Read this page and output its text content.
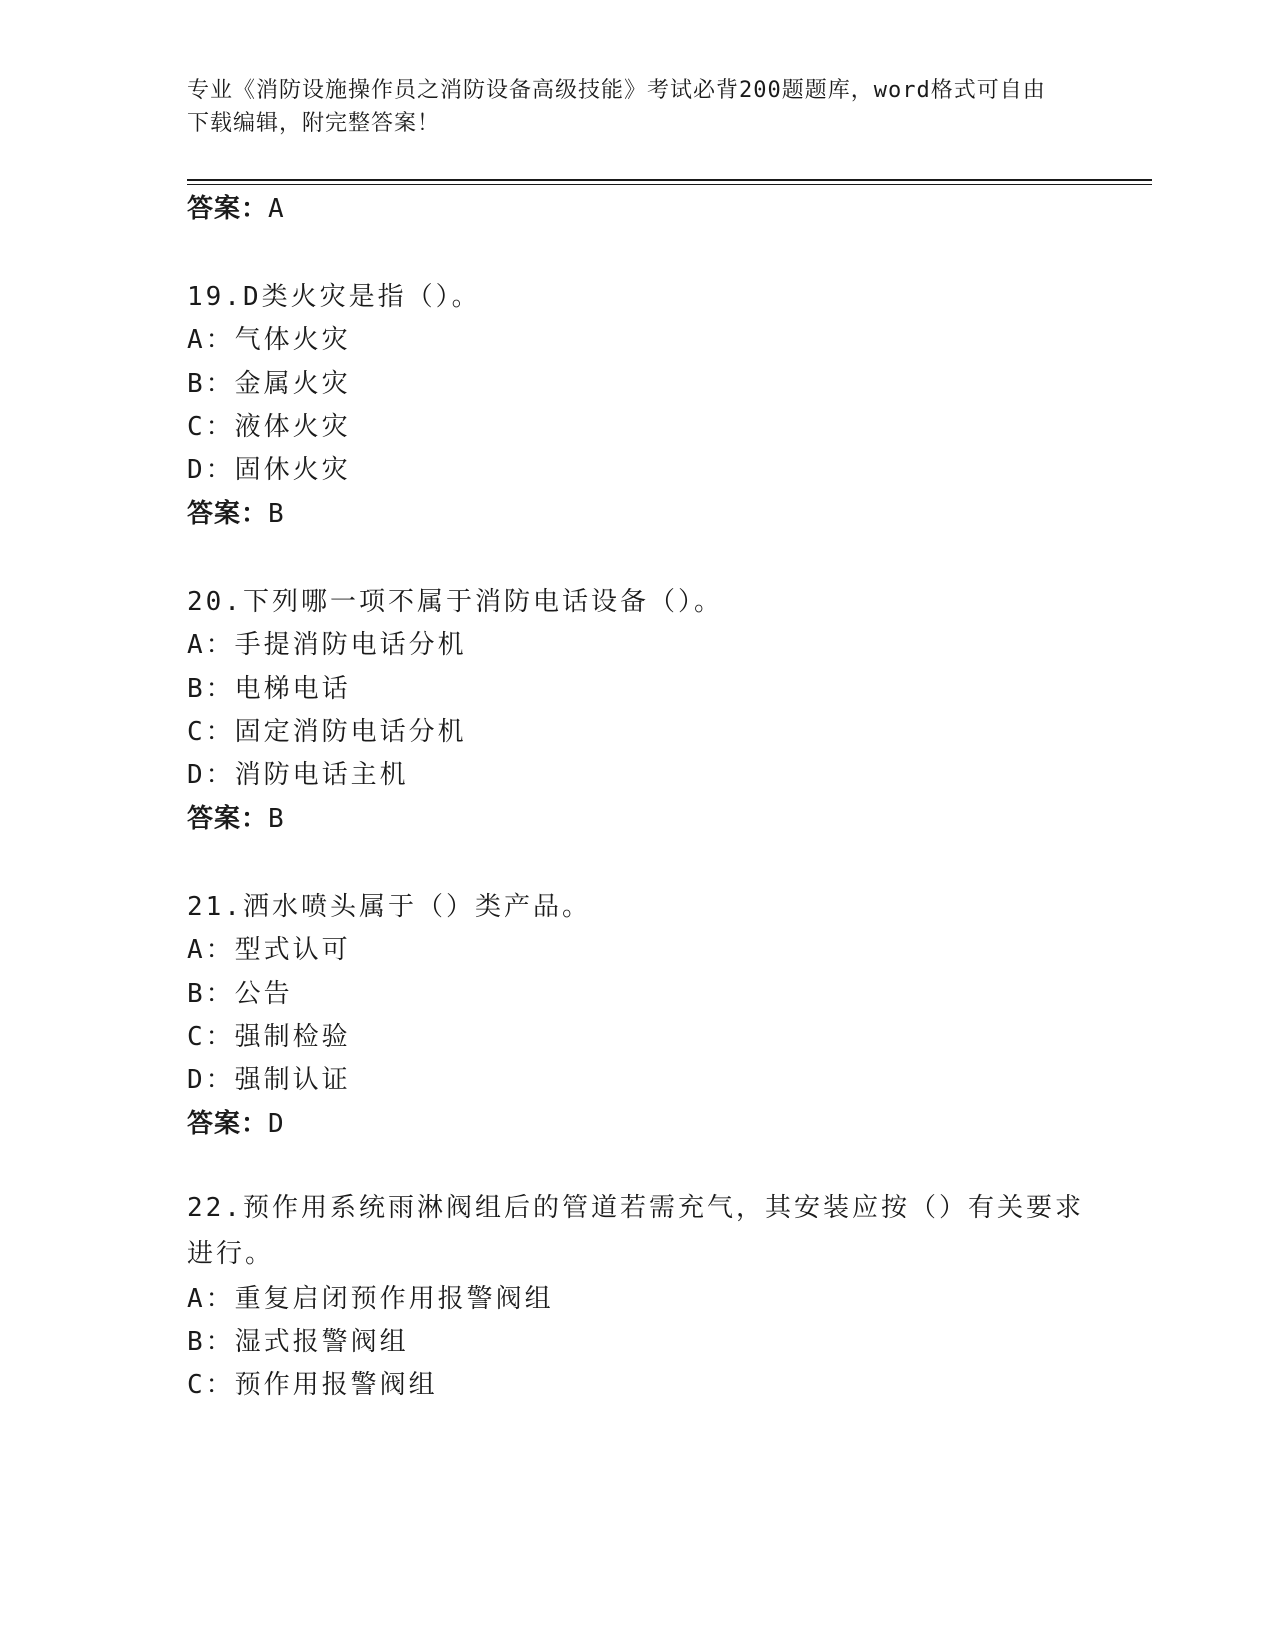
专业《消防设施操作员之消防设备高级技能》考试必背200题题库，word格式可自由下载编辑，附完整答案！
答案：A
19.D类火灾是指（）。
A：气体火灾
B：金属火灾
C：液体火灾
D：固休火灾
答案：B
20.下列哪一项不属于消防电话设备（）。
A：手提消防电话分机
B：电梯电话
C：固定消防电话分机
D：消防电话主机
答案：B
21.洒水喷头属于（）类产品。
A：型式认可
B：公告
C：强制检验
D：强制认证
答案：D
22.预作用系统雨淋阀组后的管道若需充气，其安装应按（）有关要求进行。
A：重复启闭预作用报警阀组
B：湿式报警阀组
C：预作用报警阀组
